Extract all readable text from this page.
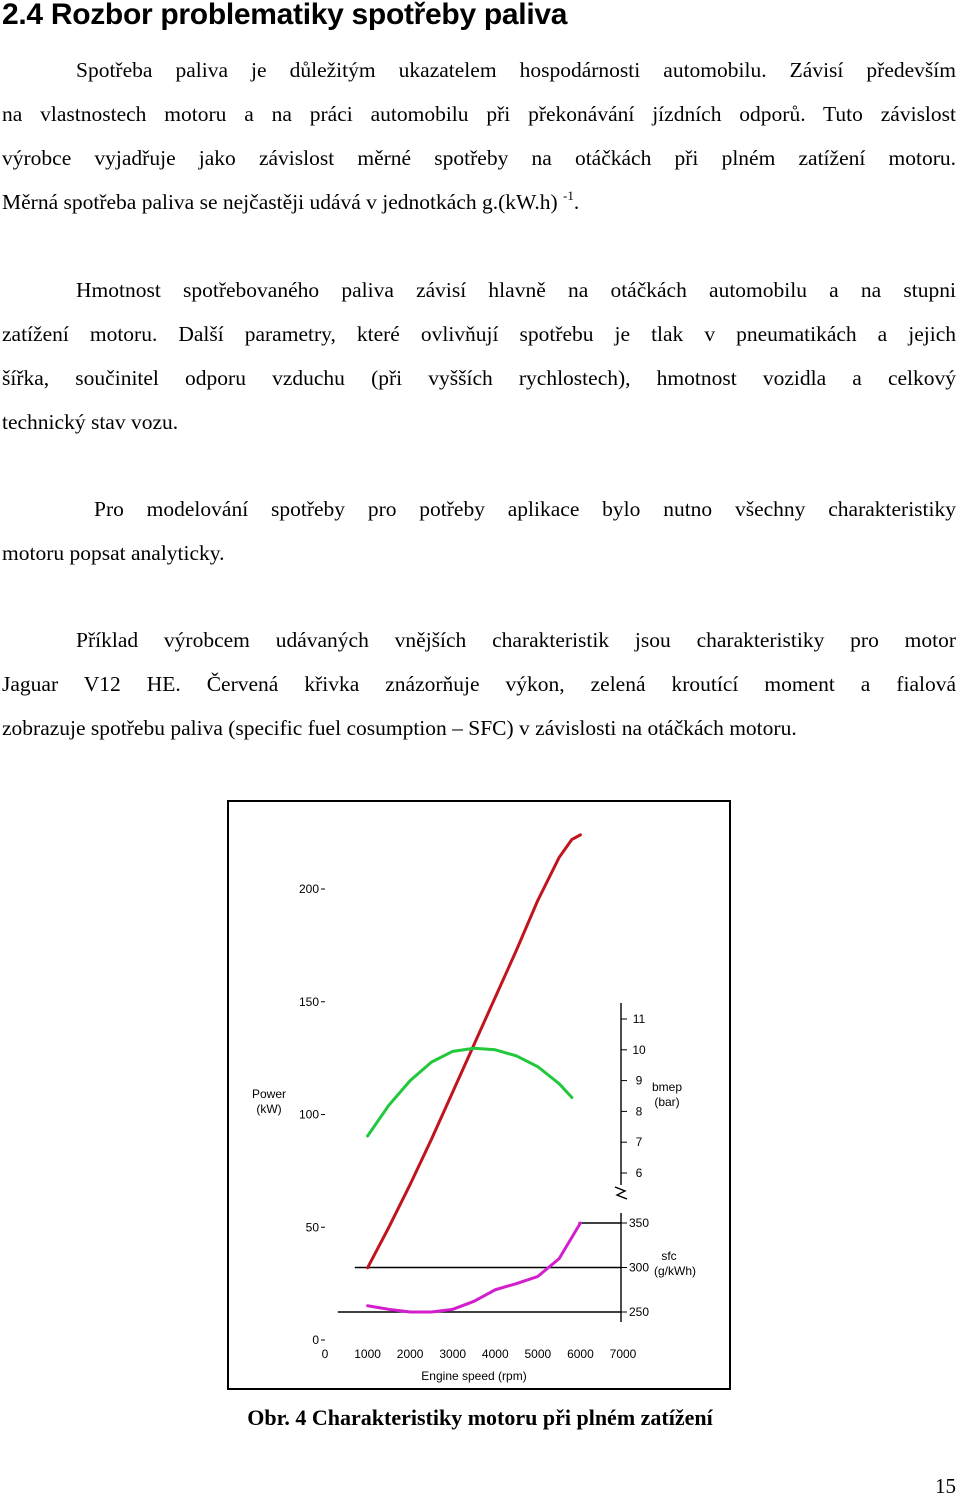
2.4 Rozbor problematiky spotřeby paliva
Spotřeba paliva je důležitým ukazatelem hospodárnosti automobilu. Závisí především
na vlastnostech motoru a na práci automobilu při překonávání jízdních odporů. Tuto závislost
výrobce vyjadřuje jako závislost měrné spotřeby na otáčkách při plném zatížení motoru.
Měrná spotřeba paliva se nejčastěji udává v jednotkách g.(kW.h) $^{-1}$.
Hmotnost spotřebovaného paliva závisí hlavně na otáčkách automobilu a na stupni
zatížení motoru. Další parametry, které ovlivňují spotřebu je tlak v pneumatikách a jejich
šířka, součinitel odporu vzduchu (při vyšších rychlostech), hmotnost vozidla a celkový
technický stav vozu.
Pro modelování spotřeby pro potřeby aplikace bylo nutno všechny charakteristiky
motoru popsat analyticky.
Příklad výrobcem udávaných vnějších charakteristik jsou charakteristiky pro motor
Jaguar V12 HE. Červená křivka znázorňuje výkon, zelená kroutící moment a fialová
zobrazuje spotřebu paliva (specific fuel cosumption – SFC) v závislosti na otáčkách motoru.
0
50
100
150
200
Power
(kW)
0 1000 2000 3000 4000 5000 6000 7000
Engine speed (rpm)
6
7
8
9
10
11
bmep
(bar)
250
300
350
sfc
(g/kWh)
Obr. 4 Charakteristiky motoru při plném zatížení
15
